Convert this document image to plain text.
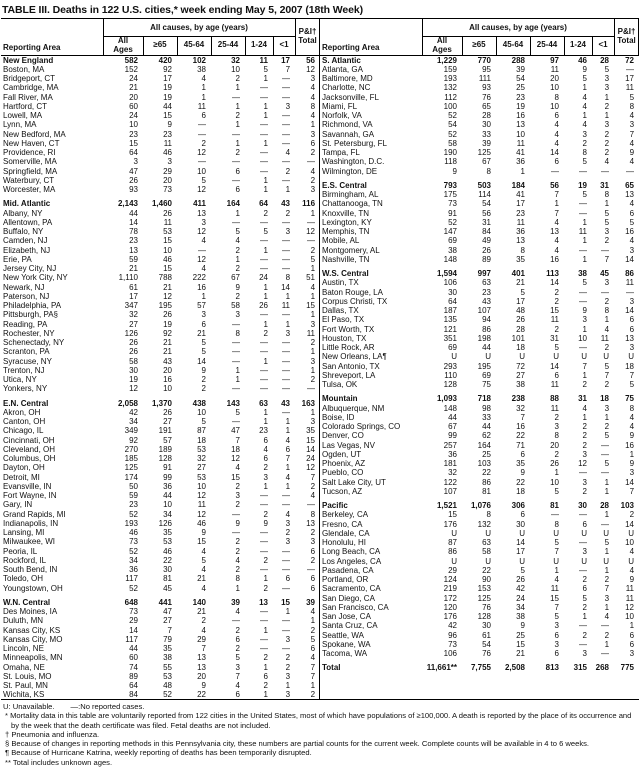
TABLE III. Deaths in 122 U.S. cities,* week ending May 5, 2007 (18th Week)
Reporting Area	All causes, by age (years)						P&I† Total
	All Ages	≥65	45-64	25-44	1-24	<1	
New England	582	420	102	32	11	17	56
Boston, MA	152	92	38	10	5	7	12
Bridgeport, CT	24	17	4	2	1	—	3
Cambridge, MA	21	19	1	1	—	—	4
Fall River, MA	20	19	1	—	—	—	4
Hartford, CT	60	44	11	1	1	3	8
Lowell, MA	24	15	6	2	1	—	4
Lynn, MA	10	9	—	1	—	—	1
New Bedford, MA	23	23	—	—	—	—	3
New Haven, CT	15	11	2	1	1	—	6
Providence, RI	64	46	12	2	—	4	2
Somerville, MA	3	3	—	—	—	—	—
Springfield, MA	47	29	10	6	—	2	4
Waterbury, CT	26	20	5	—	1	—	2
Worcester, MA	93	73	12	6	1	1	3

Mid. Atlantic	2,143	1,460	411	164	64	43	116
Albany, NY	44	26	13	1	2	2	1
Allentown, PA	14	11	3	—	—	—	—
Buffalo, NY	78	53	12	5	5	3	12
Camden, NJ	23	15	4	4	—	—	—
Elizabeth, NJ	13	10	—	2	1	—	2
Erie, PA	59	46	12	1	—	—	5
Jersey City, NJ	21	15	4	2	—	—	1
New York City, NY	1,110	788	222	67	24	8	51
Newark, NJ	61	21	16	9	1	14	4
Paterson, NJ	17	12	1	2	1	1	1
Philadelphia, PA	347	195	57	58	26	11	15
Pittsburgh, PA§	32	26	3	3	—	—	1
Reading, PA	27	19	6	—	1	1	3
Rochester, NY	126	92	21	8	2	3	11
Schenectady, NY	26	21	5	—	—	—	2
Scranton, PA	26	21	5	—	—	—	1
Syracuse, NY	58	43	14	—	1	—	3
Trenton, NJ	30	20	9	1	—	—	1
Utica, NY	19	16	2	1	—	—	2
Yonkers, NY	12	10	2	—	—	—	—

E.N. Central	2,058	1,370	438	143	63	43	163
Akron, OH	42	26	10	5	1	—	1
Canton, OH	34	27	5	—	1	1	3
Chicago, IL	349	191	87	47	23	1	35
Cincinnati, OH	92	57	18	7	6	4	15
Cleveland, OH	270	189	53	18	4	6	14
Columbus, OH	185	128	32	12	6	7	24
Dayton, OH	125	91	27	4	2	1	12
Detroit, MI	174	99	53	15	3	4	7
Evansville, IN	50	36	10	2	1	1	2
Fort Wayne, IN	59	44	12	3	—	—	4
Gary, IN	23	10	11	2	—	—	—
Grand Rapids, MI	52	34	12	—	2	4	8
Indianapolis, IN	193	126	46	9	9	3	13
Lansing, MI	46	35	9	—	—	2	2
Milwaukee, WI	73	53	15	2	—	3	3
Peoria, IL	52	46	4	2	—	—	6
Rockford, IL	34	22	5	4	2	—	2
South Bend, IN	36	30	4	2	—	—	—
Toledo, OH	117	81	21	8	1	6	6
Youngstown, OH	52	45	4	1	2	—	6

W.N. Central	648	441	140	39	13	15	39
Des Moines, IA	73	47	21	4	—	1	4
Duluth, MN	29	27	2	—	—	—	1
Kansas City, KS	14	7	4	2	1	—	2
Kansas City, MO	117	79	29	6	—	3	5
Lincoln, NE	44	35	7	2	—	—	6
Minneapolis, MN	60	38	13	5	2	2	4
Omaha, NE	74	55	13	3	1	2	7
St. Louis, MO	89	53	20	7	6	3	7
St. Paul, MN	64	48	9	4	2	1	1
Wichita, KS	84	52	22	6	1	3	2
Reporting Area	All causes, by age (years)						P&I† Total
	All Ages	≥65	45-64	25-44	1-24	<1	
S. Atlantic	1,229	770	288	97	46	28	72
Atlanta, GA	159	95	39	11	9	5	—
Baltimore, MD	193	111	54	20	5	3	17
Charlotte, NC	132	93	25	10	1	3	11
Jacksonville, FL	112	76	23	8	4	1	5
Miami, FL	100	65	19	10	4	2	8
Norfolk, VA	52	28	16	6	1	1	4
Richmond, VA	54	30	13	4	4	3	3
Savannah, GA	52	33	10	4	3	2	7
St. Petersburg, FL	58	39	11	4	2	2	4
Tampa, FL	190	125	41	14	8	2	9
Washington, D.C.	118	67	36	6	5	4	4
Wilmington, DE	9	8	1	—	—	—	—

E.S. Central	793	503	184	56	19	31	65
Birmingham, AL	175	114	41	7	5	8	13
Chattanooga, TN	73	54	17	1	—	1	4
Knoxville, TN	91	56	23	7	—	5	6
Lexington, KY	52	31	11	4	1	5	5
Memphis, TN	147	84	36	13	11	3	16
Mobile, AL	69	49	13	4	1	2	4
Montgomery, AL	38	26	8	4	—	—	3
Nashville, TN	148	89	35	16	1	7	14

W.S. Central	1,594	997	401	113	38	45	86
Austin, TX	106	63	21	14	5	3	11
Baton Rouge, LA	30	23	5	2	—	—	—
Corpus Christi, TX	64	43	17	2	—	2	3
Dallas, TX	187	107	48	15	9	8	14
El Paso, TX	135	94	26	11	3	1	6
Fort Worth, TX	121	86	28	2	1	4	6
Houston, TX	351	198	101	31	10	11	13
Little Rock, AR	69	44	18	5	—	2	3
New Orleans, LA¶	U	U	U	U	U	U	U
San Antonio, TX	293	195	72	14	7	5	18
Shreveport, LA	110	69	27	6	1	7	7
Tulsa, OK	128	75	38	11	2	2	5

Mountain	1,093	718	238	88	31	18	75
Albuquerque, NM	148	98	32	11	4	3	8
Boise, ID	44	33	7	2	1	1	4
Colorado Springs, CO	67	44	16	3	2	2	4
Denver, CO	99	62	22	8	2	5	9
Las Vegas, NV	257	164	71	20	2	—	16
Ogden, UT	36	25	6	2	3	—	1
Phoenix, AZ	181	103	35	26	12	5	9
Pueblo, CO	32	22	9	1	—	—	3
Salt Lake City, UT	122	86	22	10	3	1	14
Tucson, AZ	107	81	18	5	2	1	7

Pacific	1,521	1,076	306	81	30	28	103
Berkeley, CA	15	8	6	—	—	1	2
Fresno, CA	176	132	30	8	6	—	14
Glendale, CA	U	U	U	U	U	U	U
Honolulu, HI	87	63	14	5	—	5	10
Long Beach, CA	86	58	17	7	3	1	4
Los Angeles, CA	U	U	U	U	U	U	U
Pasadena, CA	29	22	5	1	—	1	4
Portland, OR	124	90	26	4	2	2	9
Sacramento, CA	219	153	42	11	6	7	11
San Diego, CA	172	125	24	15	5	3	11
San Francisco, CA	120	76	34	7	2	1	12
San Jose, CA	176	128	38	5	1	4	10
Santa Cruz, CA	42	30	9	3	—	—	1
Seattle, WA	96	61	25	6	2	2	6
Spokane, WA	73	54	15	3	—	1	6
Tacoma, WA	106	76	21	6	3	—	3

Total	11,661**	7,755	2,508	813	315	268	775
U: Unavailable. —:No reported cases.
* Mortality data in this table are voluntarily reported from 122 cities in the United States, most of which have populations of ≥100,000. A death is reported by the place of its occurrence and by the week that the death certificate was filed. Fetal deaths are not included.
† Pneumonia and influenza.
§ Because of changes in reporting methods in this Pennsylvania city, these numbers are partial counts for the current week. Complete counts will be available in 4 to 6 weeks.
¶ Because of Hurricane Katrina, weekly reporting of deaths has been temporarily disrupted.
** Total includes unknown ages.
